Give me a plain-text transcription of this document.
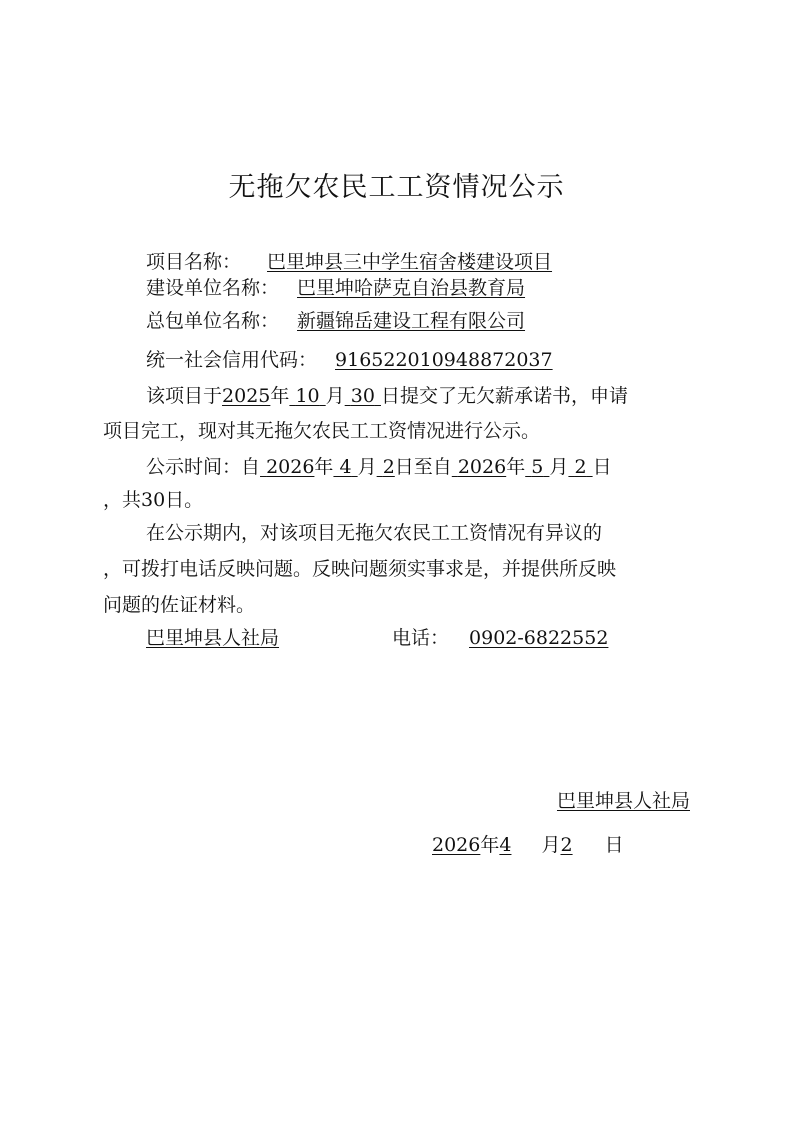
无拖欠农民工工资情况公示
项目名称： 巴里坤县三中学生宿舍楼建设项目
建设单位名称： 巴里坤哈萨克自治县教育局
总包单位名称： 新疆锦岳建设工程有限公司
统一社会信用代码： 916522010948872037
该项目于2025年 10 月 30 日提交了无欠薪承诺书，申请
项目完工，现对其无拖欠农民工工资情况进行公示。
公示时间：自 2026年 4 月 2日至自 2026年 5 月 2 日
，共30日。
在公示期内，对该项目无拖欠农民工工资情况有异议的
，可拨打电话反映问题。反映问题须实事求是，并提供所反映
问题的佐证材料。
巴里坤县人社局	电话： 0902-6822552
巴里坤县人社局
2026年4 月2 日
